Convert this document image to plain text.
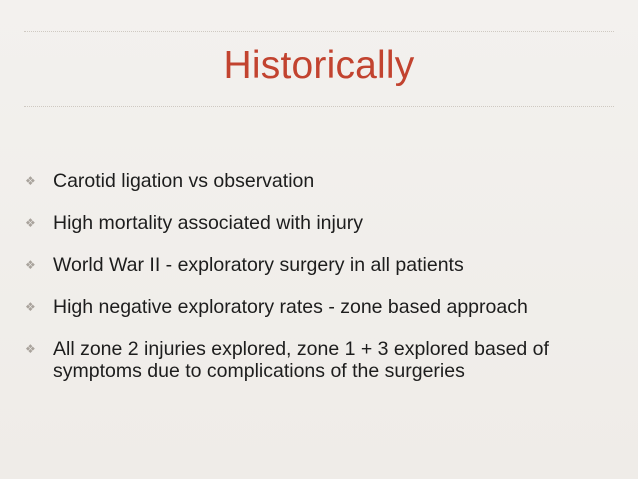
Historically
❖ Carotid ligation vs observation
❖ High mortality associated with injury
❖ World War II - exploratory surgery in all patients
❖ High negative exploratory rates - zone based approach
❖ All zone 2 injuries explored, zone 1 + 3 explored based of symptoms due to complications of the surgeries
